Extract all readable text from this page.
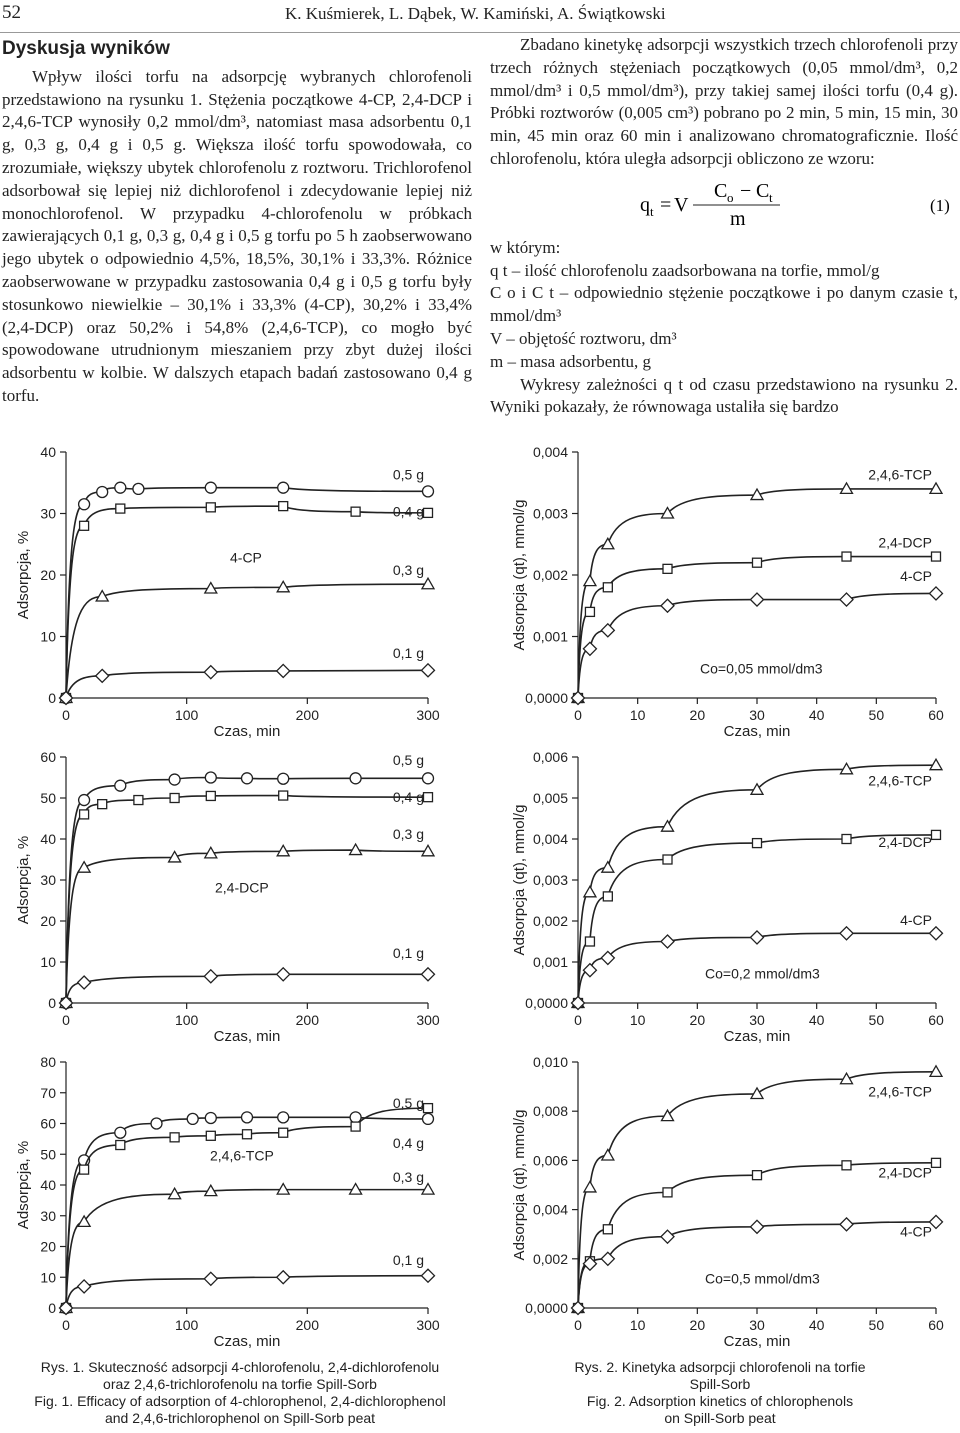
52	K. Kuśmierek, L. Dąbek, W. Kamiński, A. Świątkowski

Dyskusja wyników

Wpływ ilości torfu na adsorpcję wybranych chlorofenoli przedstawiono na rysunku 1. Stężenia początkowe 4-CP, 2,4-DCP i 2,4,6-TCP wynosiły 0,2 mmol/dm³, natomiast masa adsorbentu 0,1 g, 0,3 g, 0,4 g i 0,5 g. Większa ilość torfu spowodowała, co zrozumiałe, większy ubytek chlorofenolu z roztworu. Trichlorofenol adsorbował się lepiej niż dichlorofenol i zdecydowanie lepiej niż monochlorofenol. W przypadku 4-chlorofenolu w próbkach zawierających 0,1 g, 0,3 g, 0,4 g i 0,5 g torfu po 5 h zaobserwowano jego ubytek o odpowiednio 4,5%, 18,5%, 30,1% i 33,3%. Różnice zaobserwowane w przypadku zastosowania 0,4 g i 0,5 g torfu były stosunkowo niewielkie – 30,1% i 33,3% (4-CP), 30,2% i 33,4% (2,4-DCP) oraz 50,2% i 54,8% (2,4,6-TCP), co mogło być spowodowane utrudnionym mieszaniem przy zbyt dużej ilości adsorbentu w kolbie. W dalszych etapach badań zastosowano 0,4 g torfu.

Zbadano kinetykę adsorpcji wszystkich trzech chlorofenoli przy trzech różnych stężeniach początkowych (0,05 mmol/dm³, 0,2 mmol/dm³ i 0,5 mmol/dm³), przy takiej samej ilości torfu (0,4 g). Próbki roztworów (0,005 cm³) pobrano po 2 min, 5 min, 15 min, 30 min, 45 min oraz 60 min i analizowano chromatograficznie. Ilość chlorofenolu, która uległa adsorpcji obliczono ze wzoru:

q t = V
C o − C t
m
(1)

w którym:

q t – ilość chlorofenolu zaadsorbowana na torfie, mmol/g

C o i C t – odpowiednio stężenie początkowe i po danym czasie t, mmol/dm³

V – objętość roztworu, dm³

m – masa adsorbentu, g

Wykresy zależności q t od czasu przedstawiono na rysunku 2. Wyniki pokazały, że równowaga ustaliła się bardzo

0
10
20
30
40
0	100	200	300
Czas, min
Adsorpcja, %	4-CP
0,5 g
0,4 g
0,3 g
0,1 g
0
10
20
30
40
50
60
0	100	200	300
Czas, min
Adsorpcja, %	2,4-DCP
0,5 g
0,4 g
0,3 g
0,1 g
0
10
20
30
40
50
60
70
80
0	100	200	300
Czas, min
Adsorpcja, %	2,4,6-TCP
0,5 g
0,4 g
0,3 g
0,1 g
0,0000
0,001
0,002
0,003
0,004
0	10	20	30	40	50	60
Czas, min
Adsorpcja (qt), mmol/g
Co=0,05 mmol/dm3
2,4,6-TCP
2,4-DCP
4-CP
0,0000
0,001
0,002
0,003
0,004
0,005
0,006
0	10	20	30	40	50	60
Czas, min
Adsorpcja (qt), mmol/g
Co=0,2 mmol/dm3
2,4,6-TCP
2,4-DCP
4-CP
0,0000
0,002
0,004
0,006
0,008
0,010
0	10	20	30	40	50	60
Czas, min
Adsorpcja (qt), mmol/g
Co=0,5 mmol/dm3
2,4,6-TCP
2,4-DCP
4-CP
Rys. 1. Skuteczność adsorpcji 4-chlorofenolu, 2,4-dichlorofenolu
oraz 2,4,6-trichlorofenolu na torfie Spill-Sorb
Fig. 1. Efficacy of adsorption of 4-chlorophenol, 2,4-dichlorophenol
and 2,4,6-trichlorophenol on Spill-Sorb peat
Rys. 2. Kinetyka adsorpcji chlorofenoli na torfie
Spill-Sorb
Fig. 2. Adsorption kinetics of chlorophenols
on Spill-Sorb peat
